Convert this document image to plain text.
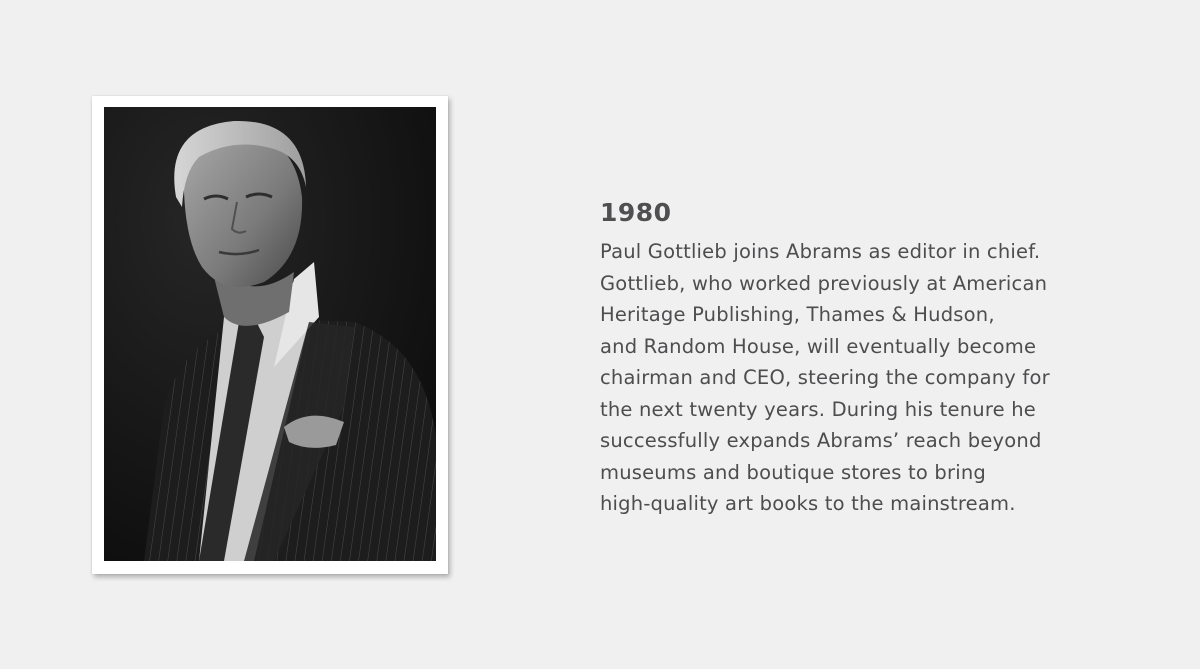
1980

Paul Gottlieb joins Abrams as editor in chief.
Gottlieb, who worked previously at American
Heritage Publishing, Thames & Hudson,
and Random House, will eventually become
chairman and CEO, steering the company for
the next twenty years. During his tenure he
successfully expands Abrams’ reach beyond
museums and boutique stores to bring
high-quality art books to the mainstream.
